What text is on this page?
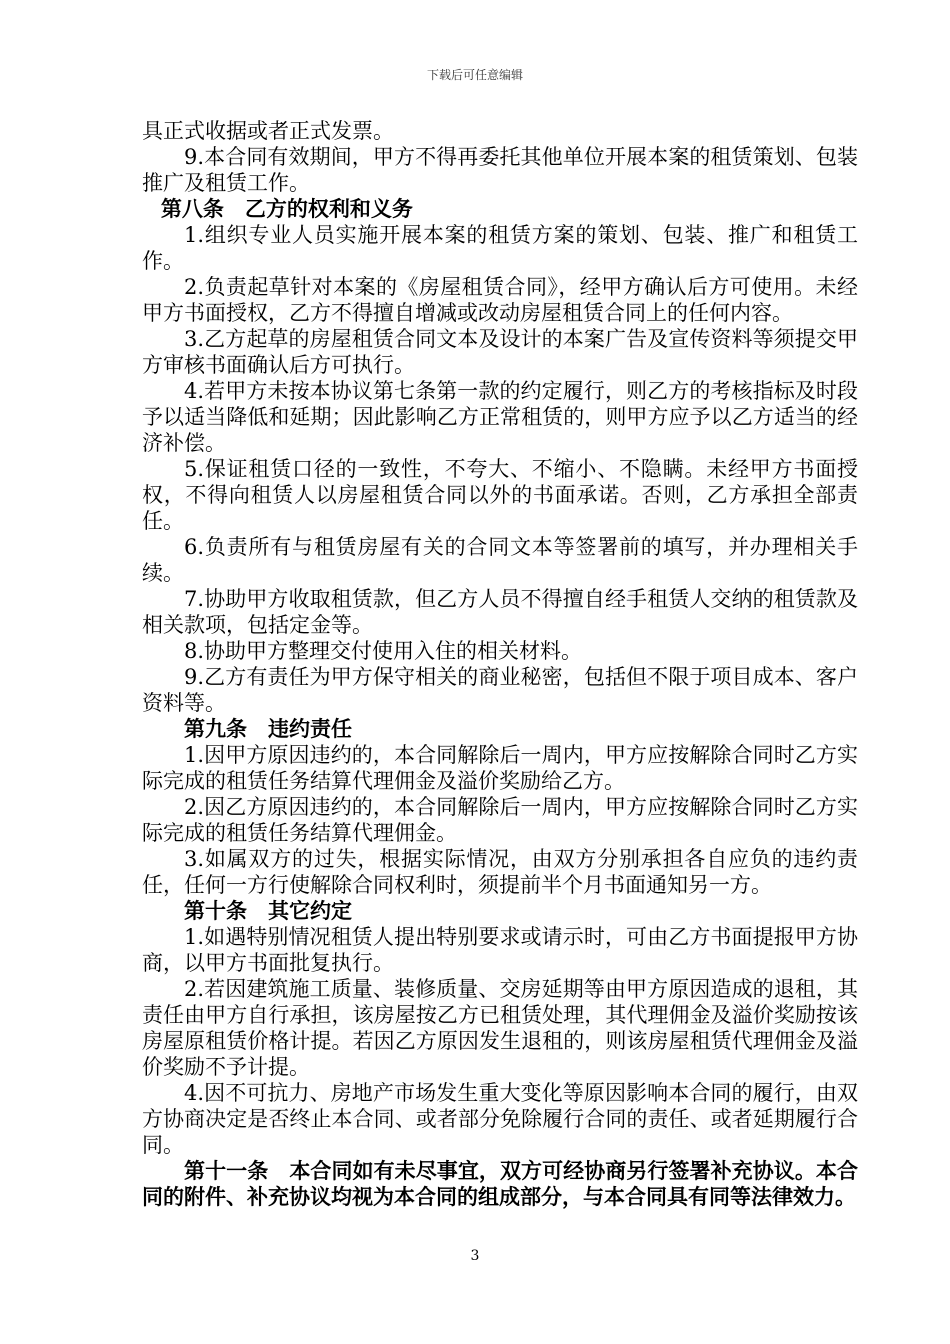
下载后可任意编辑

具正式收据或者正式发票。

9.本合同有效期间，甲方不得再委托其他单位开展本案的租赁策划、包装推广及租赁工作。

第八条　乙方的权利和义务

1.组织专业人员实施开展本案的租赁方案的策划、包装、推广和租赁工作。

2.负责起草针对本案的《房屋租赁合同》，经甲方确认后方可使用。未经甲方书面授权，乙方不得擅自增减或改动房屋租赁合同上的任何内容。

3.乙方起草的房屋租赁合同文本及设计的本案广告及宣传资料等须提交甲方审核书面确认后方可执行。

4.若甲方未按本协议第七条第一款的约定履行，则乙方的考核指标及时段予以适当降低和延期；因此影响乙方正常租赁的，则甲方应予以乙方适当的经济补偿。

5.保证租赁口径的一致性，不夸大、不缩小、不隐瞒。未经甲方书面授权，不得向租赁人以房屋租赁合同以外的书面承诺。否则，乙方承担全部责任。

6.负责所有与租赁房屋有关的合同文本等签署前的填写，并办理相关手续。

7.协助甲方收取租赁款，但乙方人员不得擅自经手租赁人交纳的租赁款及相关款项，包括定金等。

8.协助甲方整理交付使用入住的相关材料。

9.乙方有责任为甲方保守相关的商业秘密，包括但不限于项目成本、客户资料等。

第九条　违约责任

1.因甲方原因违约的，本合同解除后一周内，甲方应按解除合同时乙方实际完成的租赁任务结算代理佣金及溢价奖励给乙方。

2.因乙方原因违约的，本合同解除后一周内，甲方应按解除合同时乙方实际完成的租赁任务结算代理佣金。

3.如属双方的过失，根据实际情况，由双方分别承担各自应负的违约责任，任何一方行使解除合同权利时，须提前半个月书面通知另一方。

第十条　其它约定

1.如遇特别情况租赁人提出特别要求或请示时，可由乙方书面提报甲方协商，以甲方书面批复执行。

2.若因建筑施工质量、装修质量、交房延期等由甲方原因造成的退租，其责任由甲方自行承担，该房屋按乙方已租赁处理，其代理佣金及溢价奖励按该房屋原租赁价格计提。若因乙方原因发生退租的，则该房屋租赁代理佣金及溢价奖励不予计提。

4.因不可抗力、房地产市场发生重大变化等原因影响本合同的履行，由双方协商决定是否终止本合同、或者部分免除履行合同的责任、或者延期履行合同。

第十一条　本合同如有未尽事宜，双方可经协商另行签署补充协议。本合同的附件、补充协议均视为本合同的组成部分，与本合同具有同等法律效力。

3
